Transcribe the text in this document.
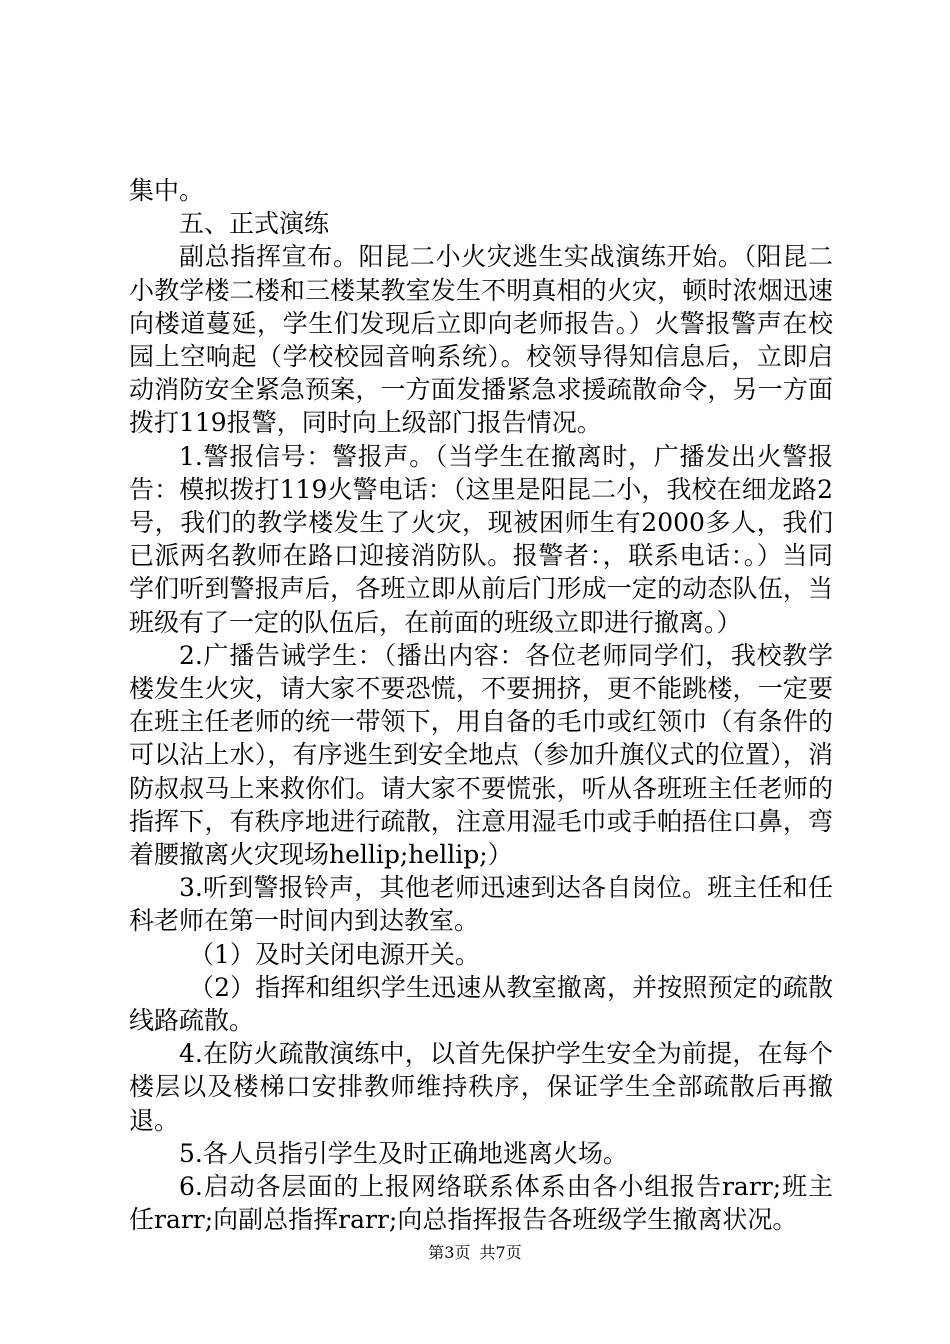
集中。

五、正式演练

副总指挥宣布。阳昆二小火灾逃生实战演练开始。（阳昆二小教学楼二楼和三楼某教室发生不明真相的火灾，顿时浓烟迅速向楼道蔓延，学生们发现后立即向老师报告。）火警报警声在校园上空响起（学校校园音响系统）。校领导得知信息后，立即启动消防安全紧急预案，一方面发播紧急求援疏散命令，另一方面拨打119报警，同时向上级部门报告情况。

1.警报信号：警报声。（当学生在撤离时，广播发出火警报告：模拟拨打119火警电话：（这里是阳昆二小，我校在细龙路2号，我们的教学楼发生了火灾，现被困师生有2000多人，我们已派两名教师在路口迎接消防队。报警者：，联系电话：。）当同学们听到警报声后，各班立即从前后门形成一定的动态队伍，当班级有了一定的队伍后，在前面的班级立即进行撤离。）

2.广播告诫学生：（播出内容：各位老师同学们，我校教学楼发生火灾，请大家不要恐慌，不要拥挤，更不能跳楼，一定要在班主任老师的统一带领下，用自备的毛巾或红领巾（有条件的可以沾上水），有序逃生到安全地点（参加升旗仪式的位置），消防叔叔马上来救你们。请大家不要慌张，听从各班班主任老师的指挥下，有秩序地进行疏散，注意用湿毛巾或手帕捂住口鼻，弯着腰撤离火灾现场hellip;hellip;）

3.听到警报铃声，其他老师迅速到达各自岗位。班主任和任科老师在第一时间内到达教室。

（1）及时关闭电源开关。

（2）指挥和组织学生迅速从教室撤离，并按照预定的疏散线路疏散。

4.在防火疏散演练中，以首先保护学生安全为前提，在每个楼层以及楼梯口安排教师维持秩序，保证学生全部疏散后再撤退。

5.各人员指引学生及时正确地逃离火场。

6.启动各层面的上报网络联系体系由各小组报告rarr;班主任rarr;向副总指挥rarr;向总指挥报告各班级学生撤离状况。

第3页 共7页
